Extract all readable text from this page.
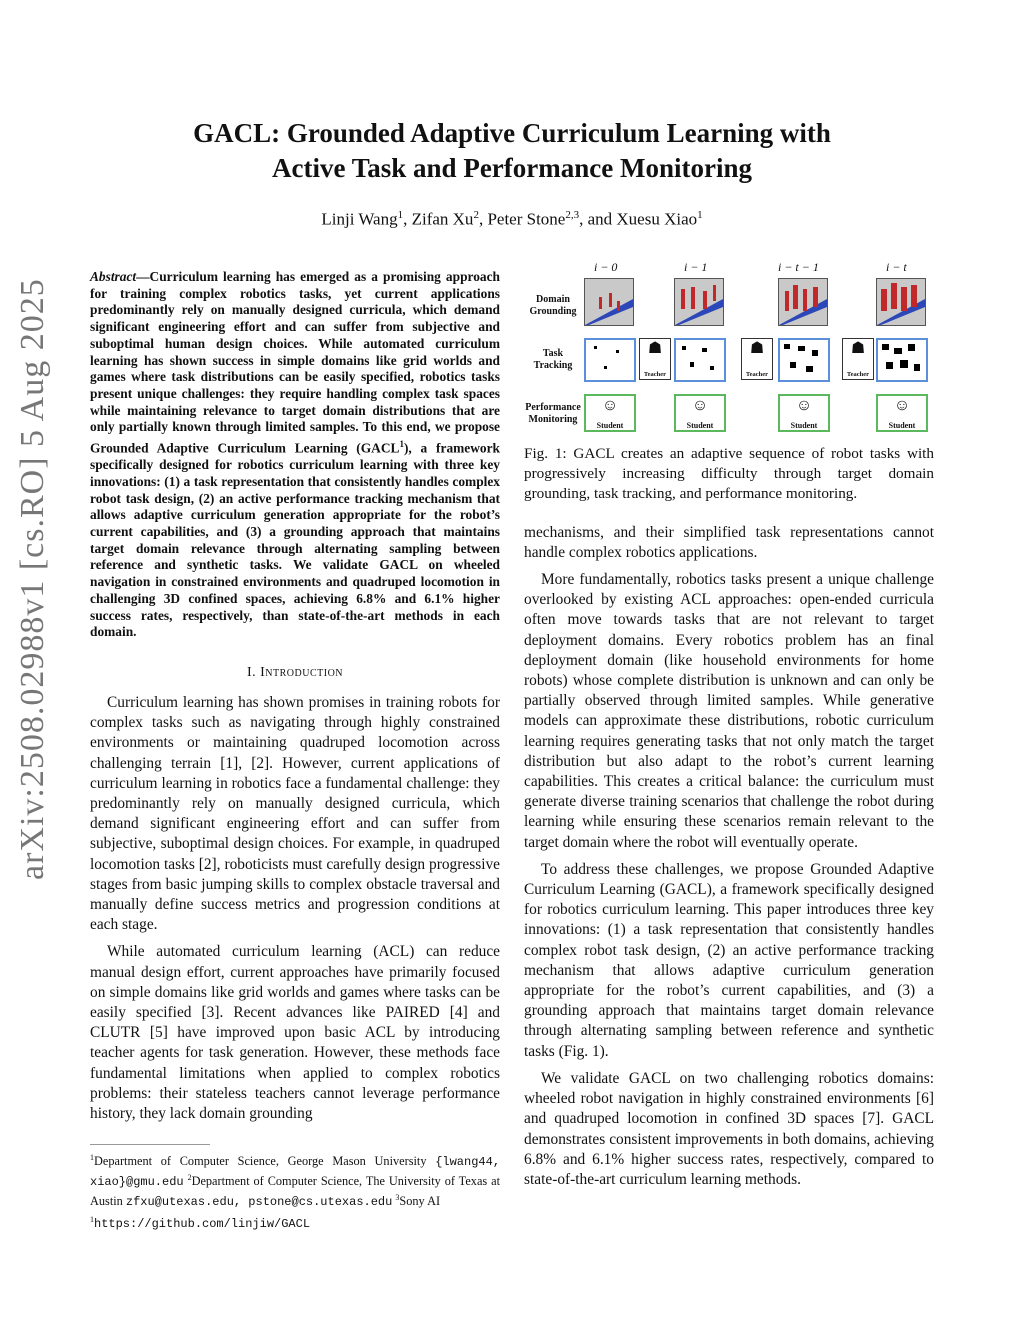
arXiv:2508.02988v1 [cs.RO] 5 Aug 2025
GACL: Grounded Adaptive Curriculum Learning with
Active Task and Performance Monitoring
Linji Wang$^1$, Zifan Xu$^2$, Peter Stone$^{2,3}$, and Xuesu Xiao$^1$
Abstract—Curriculum learning has emerged as a promising approach for training complex robotics tasks, yet current applications predominantly rely on manually designed curricula, which demand significant engineering effort and can suffer from subjective and suboptimal human design choices. While automated curriculum learning has shown success in simple domains like grid worlds and games where task distributions can be easily specified, robotics tasks present unique challenges: they require handling complex task spaces while maintaining relevance to target domain distributions that are only partially known through limited samples. To this end, we propose Grounded Adaptive Curriculum Learning (GACL$^1$), a framework specifically designed for robotics curriculum learning with three key innovations: (1) a task representation that consistently handles complex robot task design, (2) an active performance tracking mechanism that allows adaptive curriculum generation appropriate for the robot’s current capabilities, and (3) a grounding approach that maintains target domain relevance through alternating sampling between reference and synthetic tasks. We validate GACL on wheeled navigation in constrained environments and quadruped locomotion in challenging 3D confined spaces, achieving 6.8% and 6.1% higher success rates, respectively, than state-of-the-art methods in each domain.
I. Introduction

Curriculum learning has shown promises in training robots for complex tasks such as navigating through highly constrained environments or maintaining quadruped locomotion across challenging terrain [1], [2]. However, current applications of curriculum learning in robotics face a fundamental challenge: they predominantly rely on manually designed curricula, which demand significant engineering effort and can suffer from subjective, suboptimal design choices. For example, in quadruped locomotion tasks [2], roboticists must carefully design progressive stages from basic jumping skills to complex obstacle traversal and manually define success metrics and progression conditions at each stage.

While automated curriculum learning (ACL) can reduce manual design effort, current approaches have primarily focused on simple domains like grid worlds and games where tasks can be easily specified [3]. Recent advances like PAIRED [4] and CLUTR [5] have improved upon basic ACL by introducing teacher agents for task generation. However, these methods face fundamental limitations when applied to complex robotics problems: their stateless teachers cannot leverage performance history, they lack domain grounding

$^1$Department of Computer Science, George Mason University {lwang44, xiao}@gmu.edu $^2$Department of Computer Science, The University of Texas at Austin zfxu@utexas.edu, pstone@cs.utexas.edu $^3$Sony AI
$^1$https://github.com/linjiw/GACL
i − 0	i − 1	i − t − 1	i − t
Domain Grounding
Task Tracking
Performance Monitoring
☗
Teacher
☗
Teacher
☗
Teacher
☺
Student
☺
Student
☺
Student
☺
Student
Fig. 1: GACL creates an adaptive sequence of robot tasks with progressively increasing difficulty through target domain grounding, task tracking, and performance monitoring.

mechanisms, and their simplified task representations cannot handle complex robotics applications.

More fundamentally, robotics tasks present a unique challenge overlooked by existing ACL approaches: open-ended curricula often move towards tasks that are not relevant to target deployment domains. Every robotics problem has an final deployment domain (like household environments for home robots) whose complete distribution is unknown and can only be partially observed through limited samples. While generative models can approximate these distributions, robotic curriculum learning requires generating tasks that not only match the target distribution but also adapt to the robot’s current learning capabilities. This creates a critical balance: the curriculum must generate diverse training scenarios that challenge the robot during learning while ensuring these scenarios remain relevant to the target domain where the robot will eventually operate.

To address these challenges, we propose Grounded Adaptive Curriculum Learning (GACL), a framework specifically designed for robotics curriculum learning. This paper introduces three key innovations: (1) a task representation that consistently handles complex robot task design, (2) an active performance tracking mechanism that allows adaptive curriculum generation appropriate for the robot’s current capabilities, and (3) a grounding approach that maintains target domain relevance through alternating sampling between reference and synthetic tasks (Fig. 1).

We validate GACL on two challenging robotics domains: wheeled robot navigation in highly constrained environments [6] and quadruped locomotion in confined 3D spaces [7]. GACL demonstrates consistent improvements in both domains, achieving 6.8% and 6.1% higher success rates, respectively, compared to state-of-the-art curriculum learning methods.
